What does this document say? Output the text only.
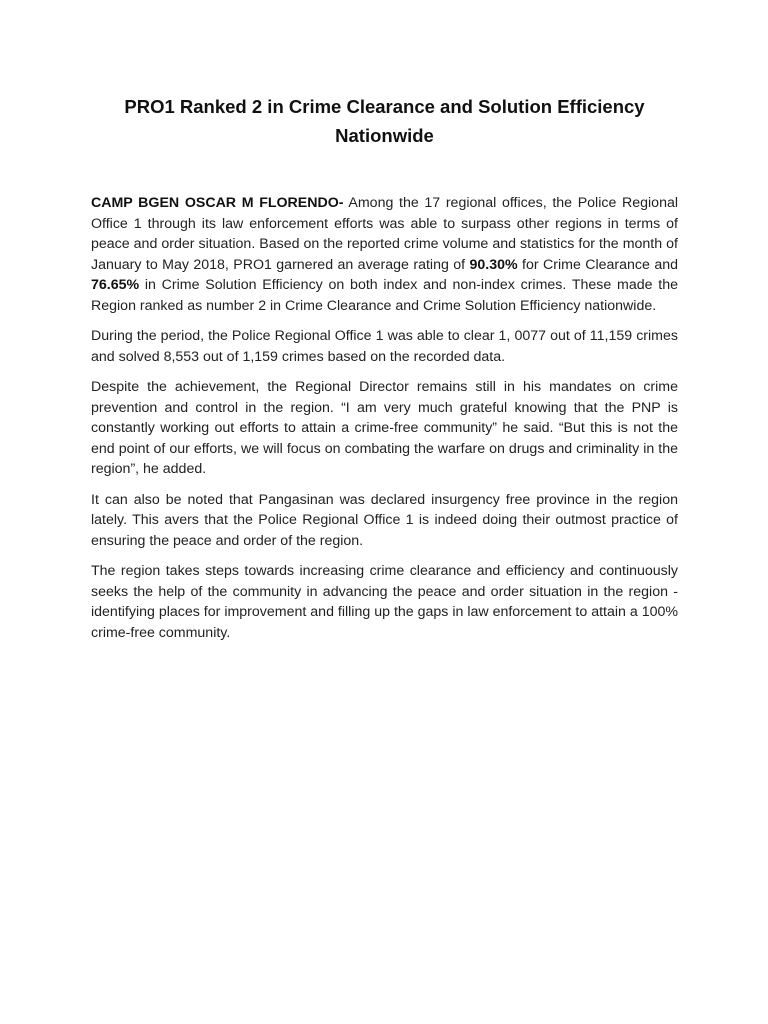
PRO1 Ranked 2 in Crime Clearance and Solution Efficiency
Nationwide

CAMP BGEN OSCAR M FLORENDO- Among the 17 regional offices, the Police Regional Office 1 through its law enforcement efforts was able to surpass other regions in terms of peace and order situation. Based on the reported crime volume and statistics for the month of January to May 2018, PRO1 garnered an average rating of 90.30% for Crime Clearance and 76.65% in Crime Solution Efficiency on both index and non-index crimes. These made the Region ranked as number 2 in Crime Clearance and Crime Solution Efficiency nationwide.

During the period, the Police Regional Office 1 was able to clear 1, 0077 out of 11,159 crimes and solved 8,553 out of 1,159 crimes based on the recorded data.

Despite the achievement, the Regional Director remains still in his mandates on crime prevention and control in the region. “I am very much grateful knowing that the PNP is constantly working out efforts to attain a crime-free community” he said. “But this is not the end point of our efforts, we will focus on combating the warfare on drugs and criminality in the region”, he added.

It can also be noted that Pangasinan was declared insurgency free province in the region lately. This avers that the Police Regional Office 1 is indeed doing their outmost practice of ensuring the peace and order of the region.

The region takes steps towards increasing crime clearance and efficiency and continuously seeks the help of the community in advancing the peace and order situation in the region - identifying places for improvement and filling up the gaps in law enforcement to attain a 100% crime-free community.
